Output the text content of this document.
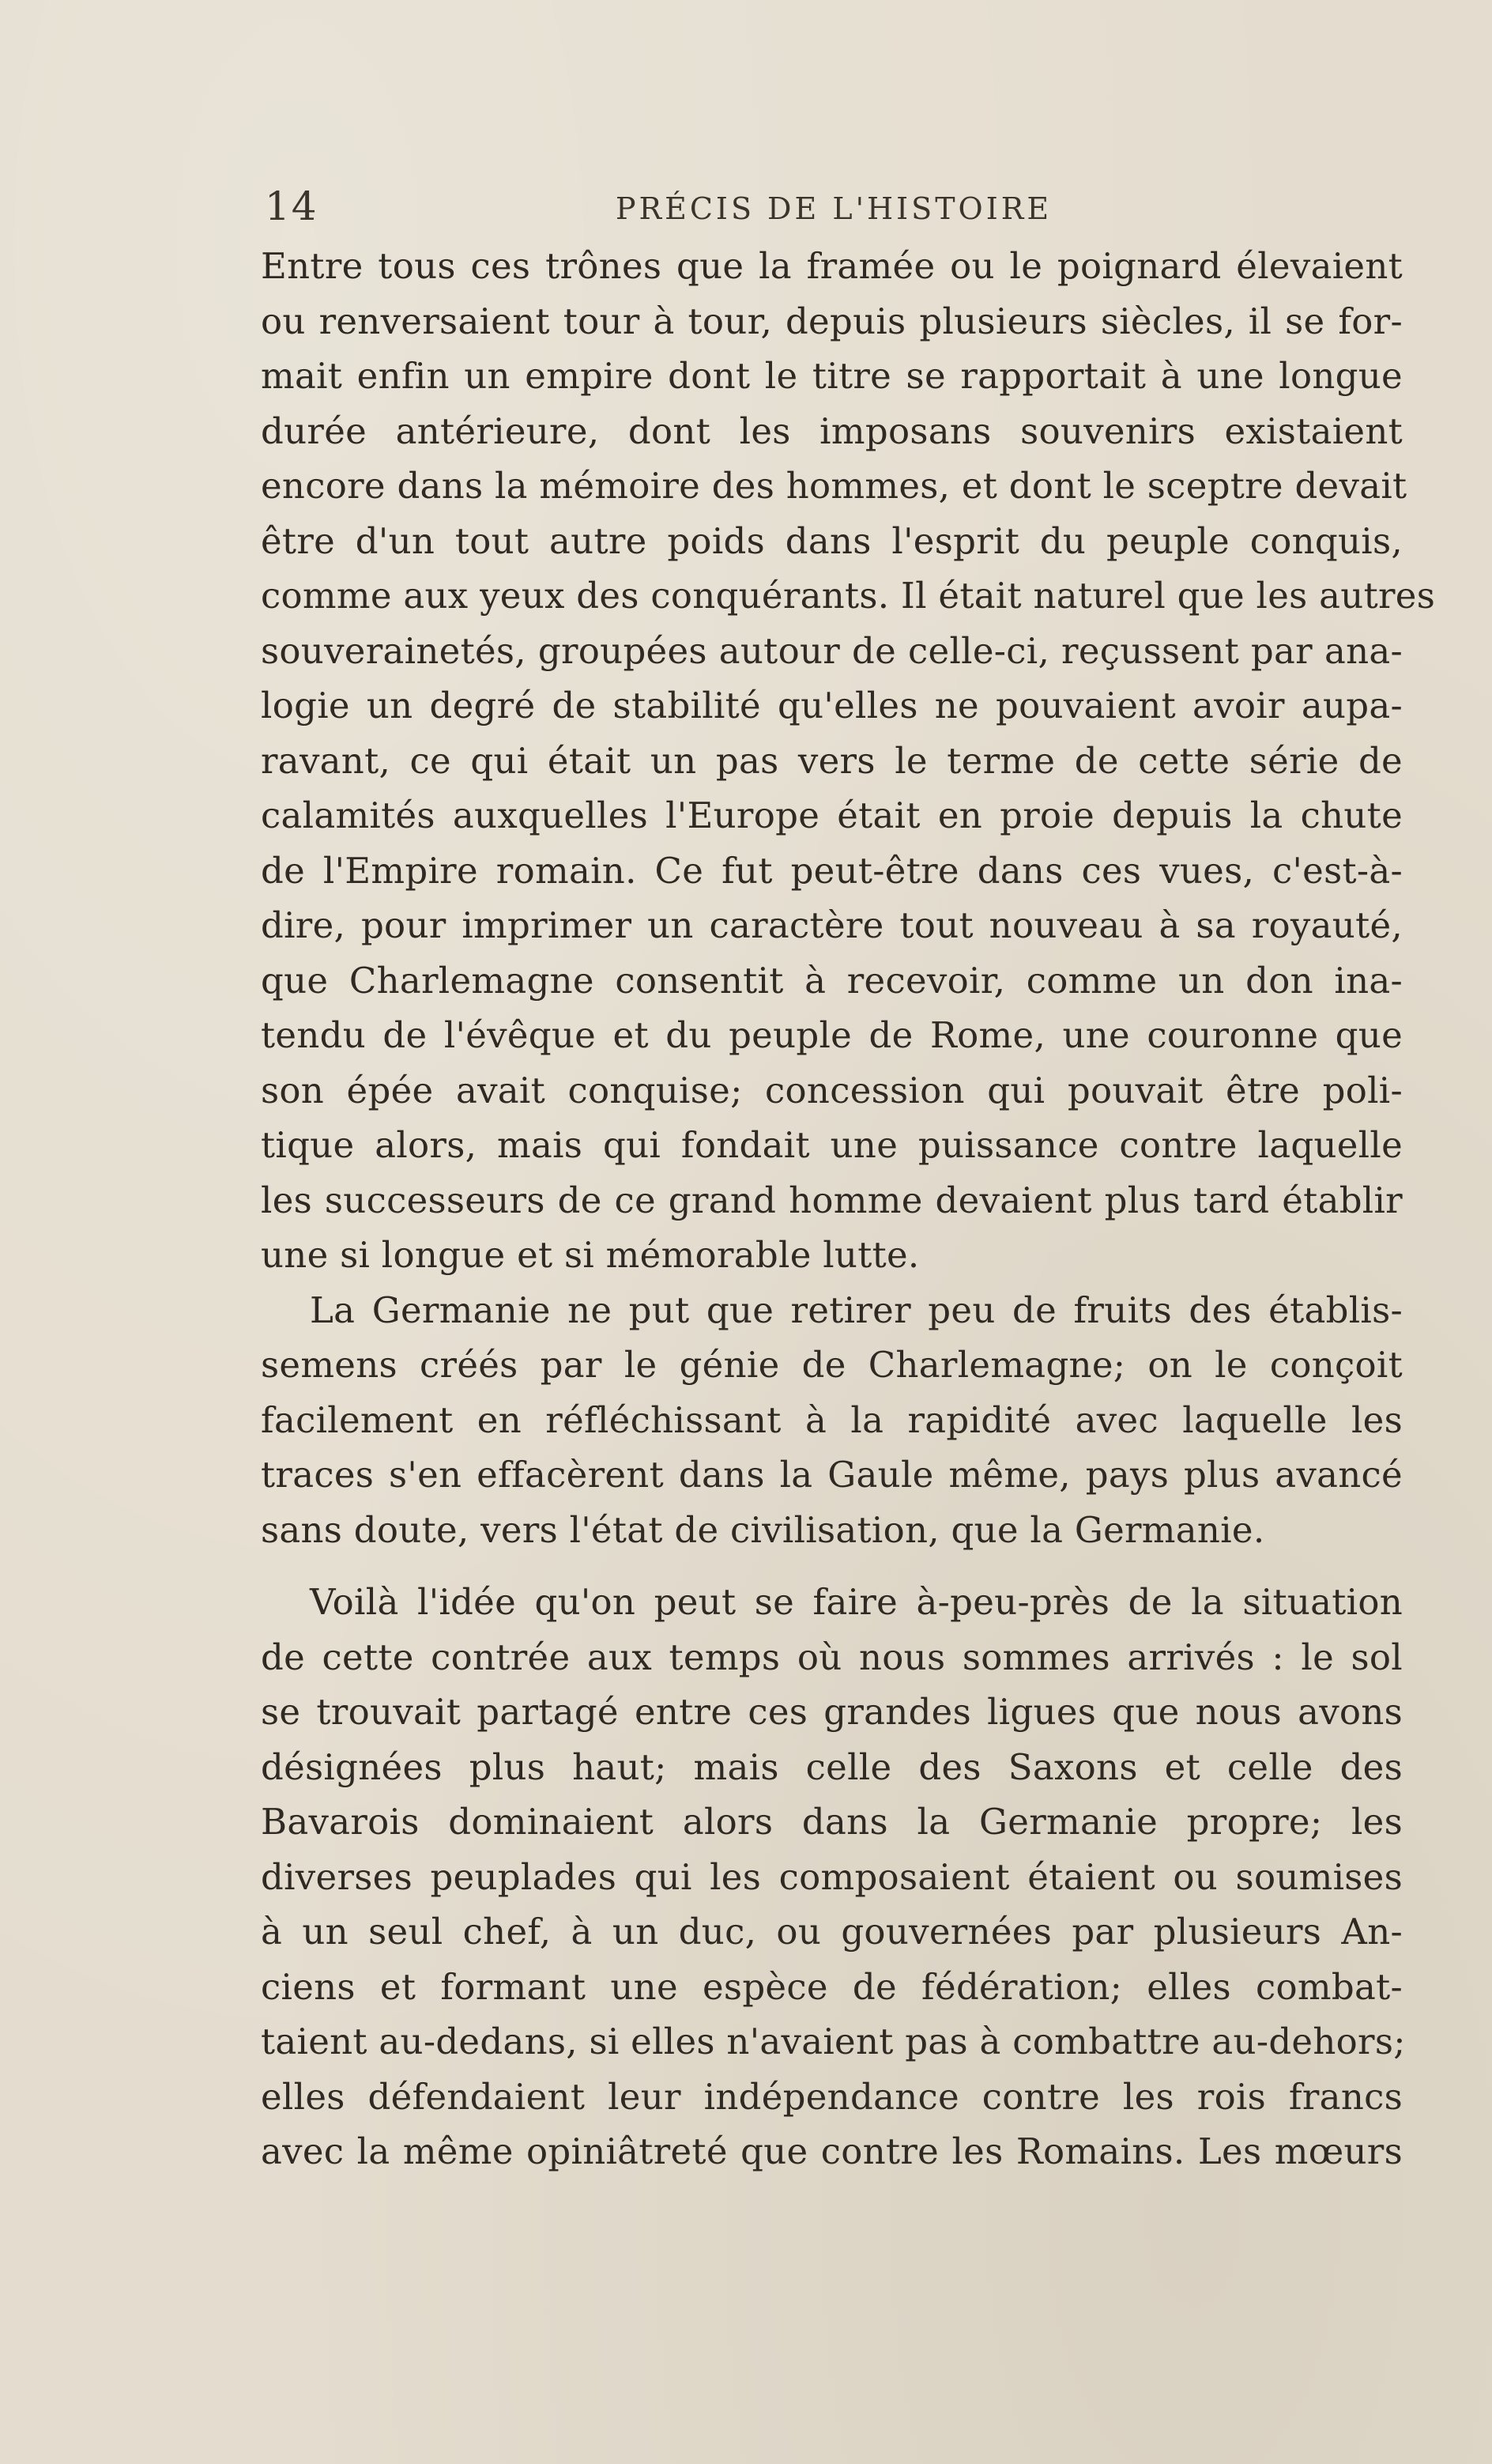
14	PRÉCIS DE L'HISTOIRE
Entre tous ces trônes que la framée ou le poignard élevaient
ou renversaient tour à tour, depuis plusieurs siècles, il se for-
mait enfin un empire dont le titre se rapportait à une longue
durée antérieure, dont les imposans souvenirs existaient
encore dans la mémoire des hommes, et dont le sceptre devait
être d'un tout autre poids dans l'esprit du peuple conquis,
comme aux yeux des conquérants. Il était naturel que les autres
souverainetés, groupées autour de celle-ci, reçussent par ana-
logie un degré de stabilité qu'elles ne pouvaient avoir aupa-
ravant, ce qui était un pas vers le terme de cette série de
calamités auxquelles l'Europe était en proie depuis la chute
de l'Empire romain. Ce fut peut-être dans ces vues, c'est-à-
dire, pour imprimer un caractère tout nouveau à sa royauté,
que Charlemagne consentit à recevoir, comme un don ina-
tendu de l'évêque et du peuple de Rome, une couronne que
son épée avait conquise; concession qui pouvait être poli-
tique alors, mais qui fondait une puissance contre laquelle
les successeurs de ce grand homme devaient plus tard établir
une si longue et si mémorable lutte.
La Germanie ne put que retirer peu de fruits des établis-
semens créés par le génie de Charlemagne; on le conçoit
facilement en réfléchissant à la rapidité avec laquelle les
traces s'en effacèrent dans la Gaule même, pays plus avancé
sans doute, vers l'état de civilisation, que la Germanie.
Voilà l'idée qu'on peut se faire à-peu-près de la situation
de cette contrée aux temps où nous sommes arrivés : le sol
se trouvait partagé entre ces grandes ligues que nous avons
désignées plus haut; mais celle des Saxons et celle des
Bavarois dominaient alors dans la Germanie propre; les
diverses peuplades qui les composaient étaient ou soumises
à un seul chef, à un duc, ou gouvernées par plusieurs An-
ciens et formant une espèce de fédération; elles combat-
taient au-dedans, si elles n'avaient pas à combattre au-dehors;
elles défendaient leur indépendance contre les rois francs
avec la même opiniâtreté que contre les Romains. Les mœurs
